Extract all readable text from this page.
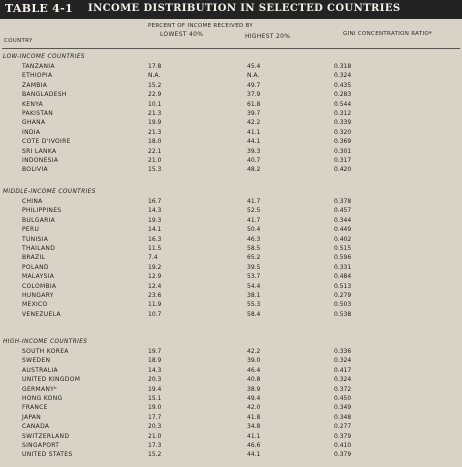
TABLE 4-1 INCOME DISTRIBUTION IN SELECTED COUNTRIES
PERCENT OF INCOME RECEIVED BY
LOWEST 40%	HIGHEST 20%	GINI CONCENTRATION RATIOª
COUNTRY
LOW-INCOME COUNTRIES
TANZANIA	17.8	45.4	0.318
ETHIOPIA	N.A.	N.A.	0.324
ZAMBIA	15.2	49.7	0.435
BANGLADESH	22.9	37.9	0.283
KENYA	10.1	61.8	0.544
PAKISTAN	21.3	39.7	0.312
GHANA	19.9	42.2	0.339
INDIA	21.3	41.1	0.320
COTE D'IVOIRE	18.0	44.1	0.369
SRI LANKA	22.1	39.3	0.301
INDONESIA	21.0	40.7	0.317
BOLIVIA	15.3	48.2	0.420
MIDDLE-INCOME COUNTRIES
CHINA	16.7	41.7	0.378
PHILIPPINES	14.3	52.5	0.457
BULGARIA	19.3	41.7	0.344
PERU	14.1	50.4	0.449
TUNISIA	16.3	46.3	0.402
THAILAND	11.5	58.5	0.515
BRAZIL	7.4	65.2	0.596
POLAND	19.2	39.5	0.331
MALAYSIA	12.9	53.7	0.484
COLOMBIA	12.4	54.4	0.513
HUNGARY	23.6	38.1	0.279
MEXICO	11.9	55.3	0.503
VENEZUELA	10.7	58.4	0.538
HIGH-INCOME COUNTRIES
SOUTH KOREA	19.7	42.2	0.336
SWEDEN	18.9	39.0	0.324
AUSTRALIA	14.3	46.4	0.417
UNITED KINGDOM	20.3	40.8	0.324
GERMANYᵇ	19.4	38.9	0.372
HONG KONG	15.1	49.4	0.450
FRANCE	19.0	42.0	0.349
JAPAN	17.7	41.8	0.348
CANADA	20.3	34.8	0.277
SWITZERLAND	21.0	41.1	0.379
SINGAPORT	17.3	46.6	0.410
UNITED STATES	15.2	44.1	0.379
